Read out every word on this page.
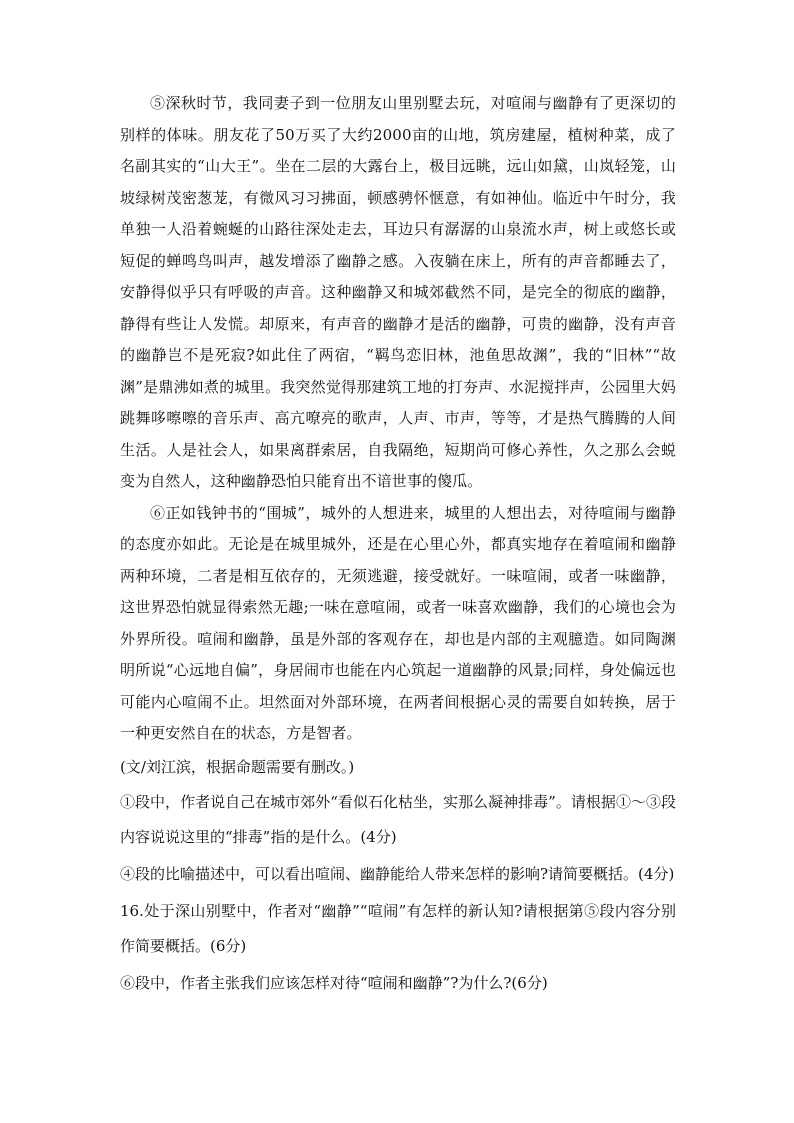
⑤深秋时节，我同妻子到一位朋友山里别墅去玩，对喧闹与幽静有了更深切的别样的体味。朋友花了50万买了大约2000亩的山地，筑房建屋，植树种菜，成了名副其实的“山大王”。坐在二层的大露台上，极目远眺，远山如黛，山岚轻笼，山坡绿树茂密葱茏，有微风习习拂面，顿感骋怀惬意，有如神仙。临近中午时分，我单独一人沿着蜿蜒的山路往深处走去，耳边只有潺潺的山泉流水声，树上或悠长或短促的蝉鸣鸟叫声，越发增添了幽静之感。入夜躺在床上，所有的声音都睡去了，安静得似乎只有呼吸的声音。这种幽静又和城郊截然不同，是完全的彻底的幽静，静得有些让人发慌。却原来，有声音的幽静才是活的幽静，可贵的幽静，没有声音的幽静岂不是死寂?如此住了两宿，“羁鸟恋旧林，池鱼思故渊”，我的“旧林”“故渊”是鼎沸如煮的城里。我突然觉得那建筑工地的打夯声、水泥搅拌声，公园里大妈跳舞哆嚓嚓的音乐声、高亢嘹亮的歌声，人声、市声，等等，才是热气腾腾的人间生活。人是社会人，如果离群索居，自我隔绝，短期尚可修心养性，久之那么会蜕变为自然人，这种幽静恐怕只能育出不谙世事的傻瓜。

⑥正如钱钟书的“围城”，城外的人想进来，城里的人想出去，对待喧闹与幽静的态度亦如此。无论是在城里城外，还是在心里心外，都真实地存在着喧闹和幽静两种环境，二者是相互依存的，无须逃避，接受就好。一味喧闹，或者一味幽静，这世界恐怕就显得索然无趣;一味在意喧闹，或者一味喜欢幽静，我们的心境也会为外界所役。喧闹和幽静，虽是外部的客观存在，却也是内部的主观臆造。如同陶渊明所说“心远地自偏”，身居闹市也能在内心筑起一道幽静的风景;同样，身处偏远也可能内心喧闹不止。坦然面对外部环境，在两者间根据心灵的需要自如转换，居于一种更安然自在的状态，方是智者。

(文/刘江滨，根据命题需要有删改。)

①段中，作者说自己在城市郊外“看似石化枯坐，实那么凝神排毒”。请根据①～③段内容说说这里的“排毒”指的是什么。(4分)

④段的比喻描述中，可以看出喧闹、幽静能给人带来怎样的影响?请简要概括。(4分)

16.处于深山别墅中，作者对“幽静”“喧闹”有怎样的新认知?请根据第⑤段内容分别作简要概括。(6分)

⑥段中，作者主张我们应该怎样对待“喧闹和幽静”?为什么?(6分)
